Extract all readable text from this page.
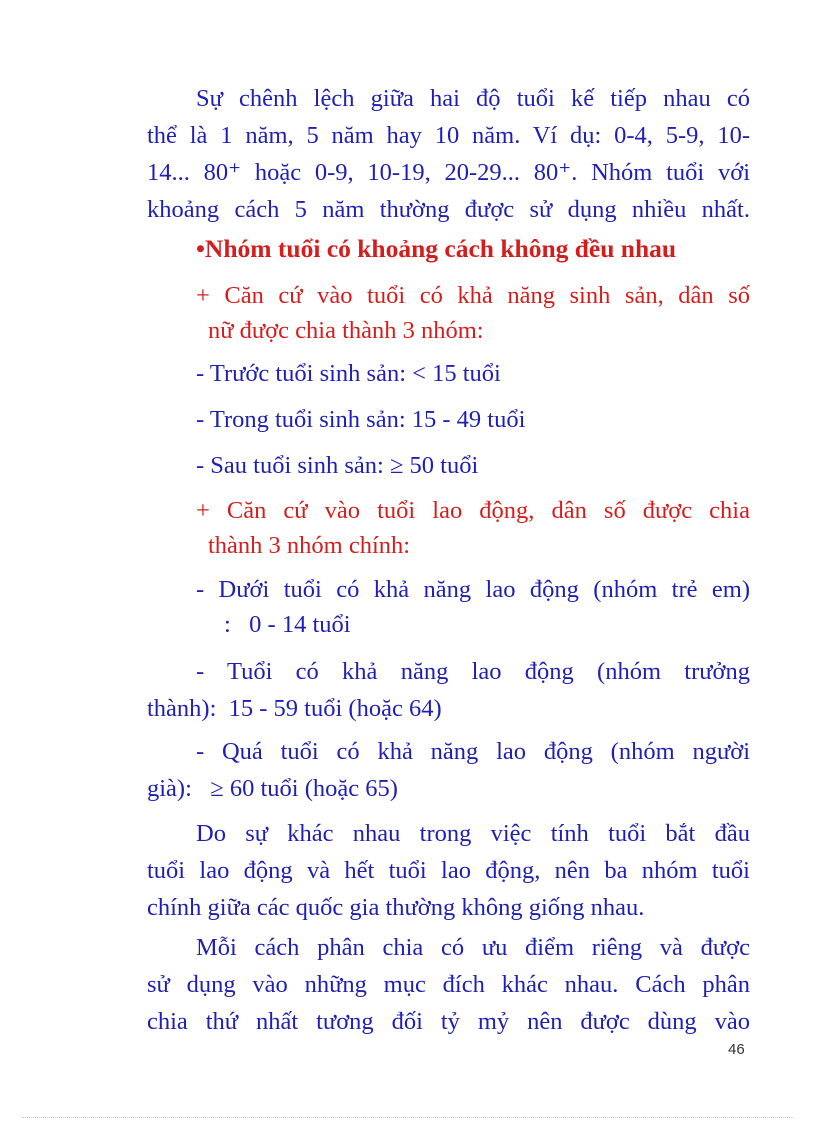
Sự chênh lệch giữa hai độ tuổi kế tiếp nhau có
thể là 1 năm, 5 năm hay 10 năm. Ví dụ: 0-4, 5-9, 10-
14... 80⁺ hoặc 0-9, 10-19, 20-29... 80⁺. Nhóm tuổi với
khoảng cách 5 năm thường được sử dụng nhiều nhất.
•Nhóm tuổi có khoảng cách không đều nhau
+ Căn cứ vào tuổi có khả năng sinh sản, dân số
nữ được chia thành 3 nhóm:
- Trước tuổi sinh sản: < 15 tuổi
- Trong tuổi sinh sản: 15 - 49 tuổi
- Sau tuổi sinh sản: ≥ 50 tuổi
+ Căn cứ vào tuổi lao động, dân số được chia
thành 3 nhóm chính:
- Dưới tuổi có khả năng lao động (nhóm trẻ em)
:   0 - 14 tuổi
- Tuổi có khả năng lao động (nhóm trưởng
thành):  15 - 59 tuổi (hoặc 64)
- Quá tuổi có khả năng lao động (nhóm người
già):   ≥ 60 tuổi (hoặc 65)
Do sự khác nhau trong việc tính tuổi bắt đầu
tuổi lao động và hết tuổi lao động, nên ba nhóm tuổi
chính giữa các quốc gia thường không giống nhau.
Mỗi cách phân chia có ưu điểm riêng và được
sử dụng vào những mục đích khác nhau. Cách phân
chia thứ nhất tương đối tỷ mỷ nên được dùng vào
46
